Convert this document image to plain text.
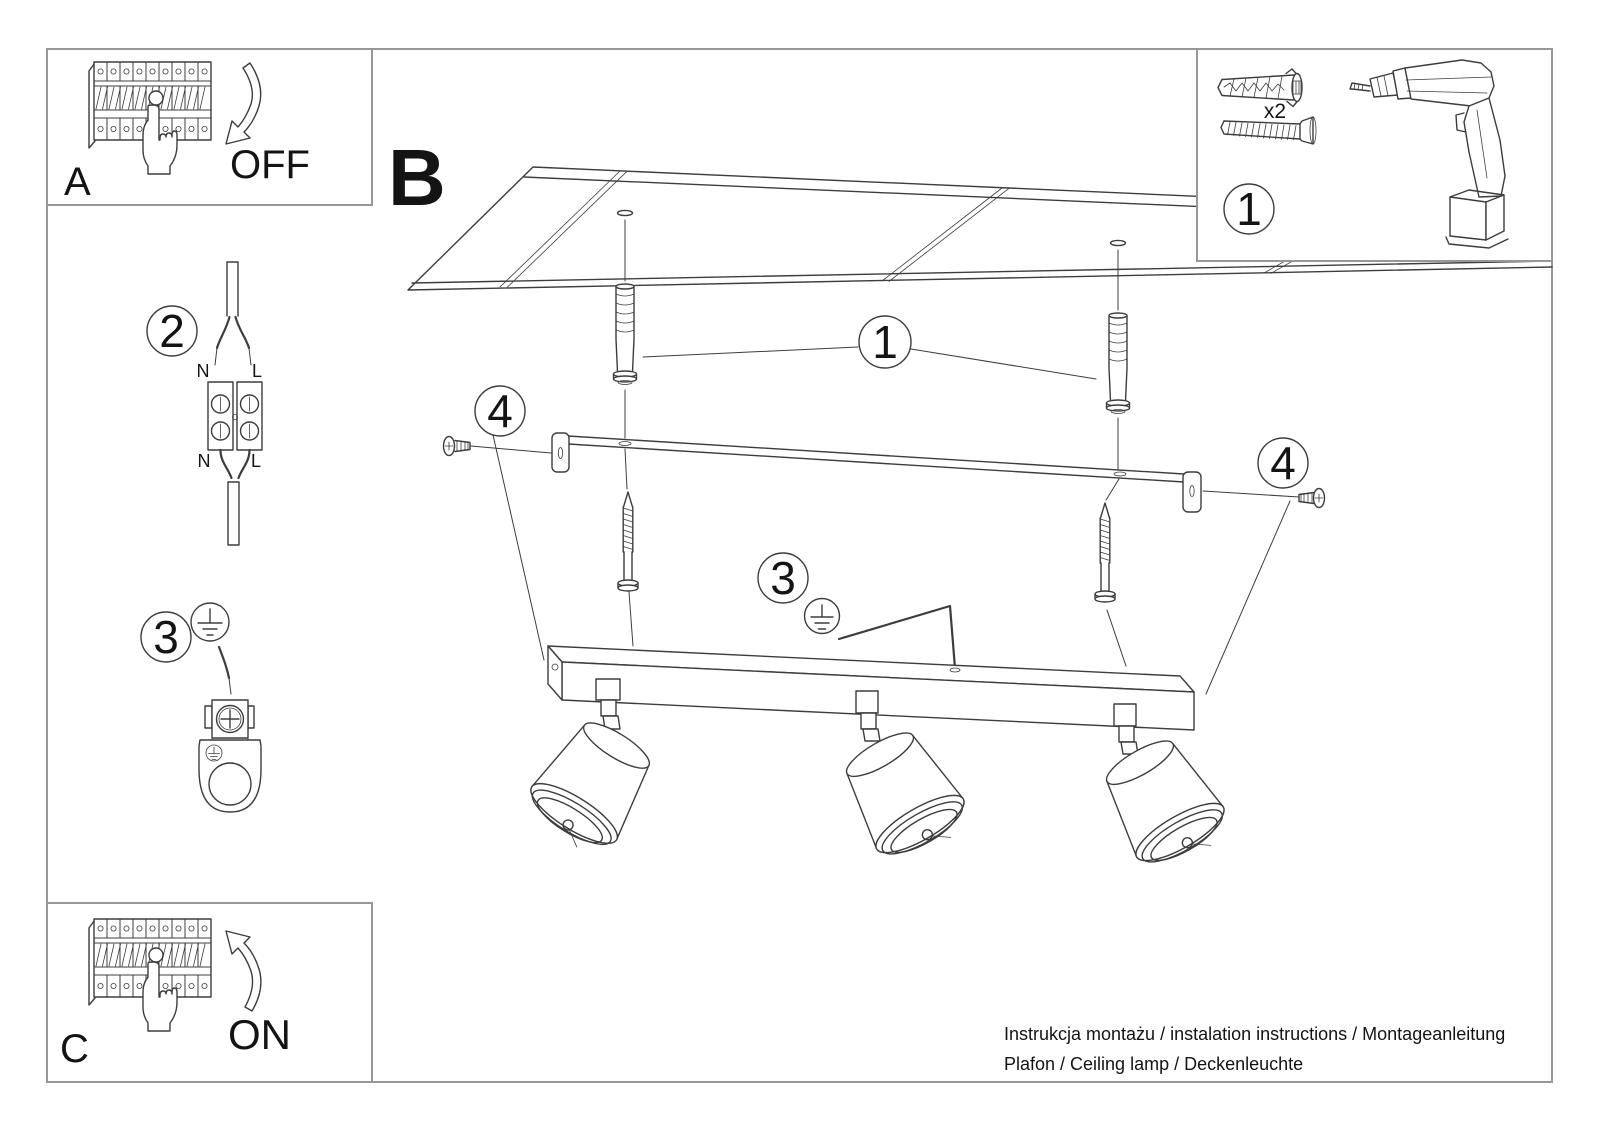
B
1
4
4
3
A	OFF
C	ON
x2
1
2
N L
N L
3
Instrukcja montażu / instalation instructions / Montageanleitung
Plafon / Ceiling lamp / Deckenleuchte
